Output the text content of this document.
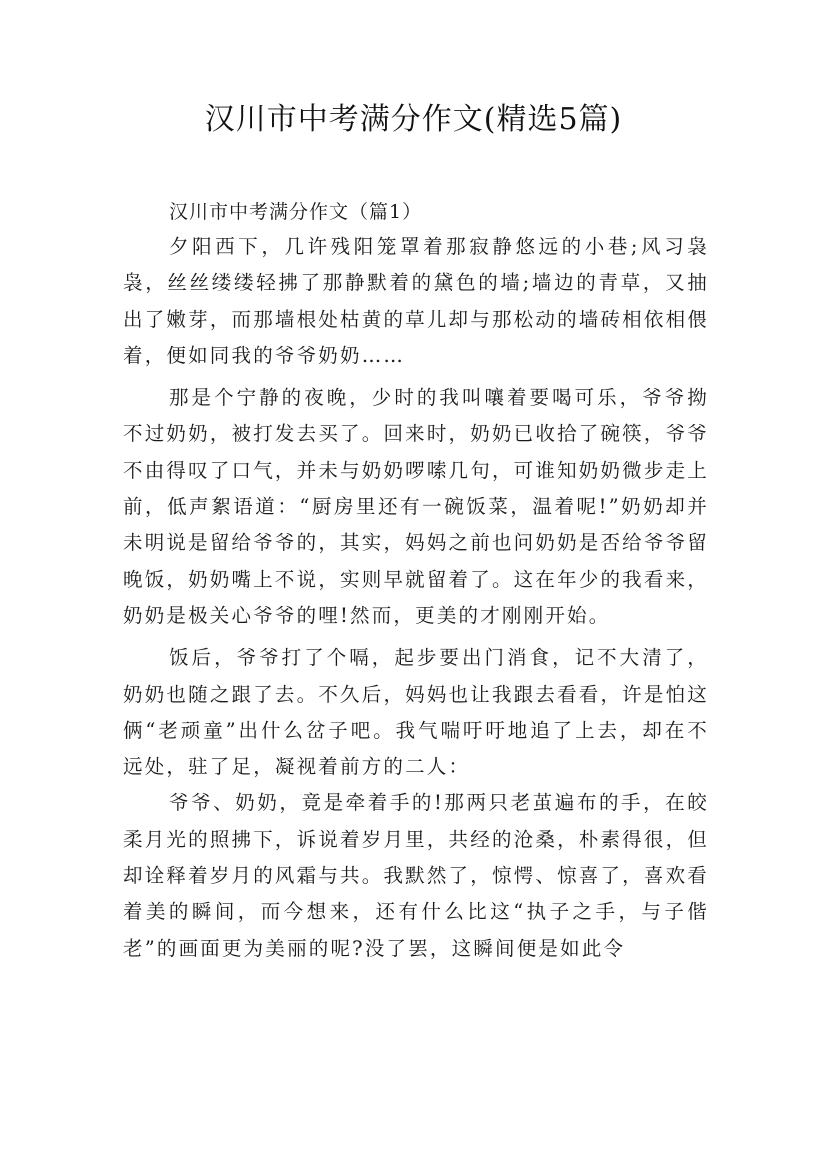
汉川市中考满分作文(精选5篇)

汉川市中考满分作文（篇1）

夕阳西下，几许残阳笼罩着那寂静悠远的小巷;风习袅袅，丝丝缕缕轻拂了那静默着的黛色的墙;墙边的青草，又抽出了嫩芽，而那墙根处枯黄的草儿却与那松动的墙砖相依相偎着，便如同我的爷爷奶奶……

那是个宁静的夜晚，少时的我叫嚷着要喝可乐，爷爷拗不过奶奶，被打发去买了。回来时，奶奶已收拾了碗筷，爷爷不由得叹了口气，并未与奶奶啰嗦几句，可谁知奶奶微步走上前，低声絮语道：“厨房里还有一碗饭菜，温着呢!”奶奶却并未明说是留给爷爷的，其实，妈妈之前也问奶奶是否给爷爷留晚饭，奶奶嘴上不说，实则早就留着了。这在年少的我看来，奶奶是极关心爷爷的哩!然而，更美的才刚刚开始。

饭后，爷爷打了个嗝，起步要出门消食，记不大清了，奶奶也随之跟了去。不久后，妈妈也让我跟去看看，许是怕这俩“老顽童”出什么岔子吧。我气喘吁吁地追了上去，却在不远处，驻了足，凝视着前方的二人：

爷爷、奶奶，竟是牵着手的!那两只老茧遍布的手，在皎柔月光的照拂下，诉说着岁月里，共经的沧桑，朴素得很，但却诠释着岁月的风霜与共。我默然了，惊愕、惊喜了，喜欢看着美的瞬间，而今想来，还有什么比这“执子之手，与子偕老”的画面更为美丽的呢?没了罢，这瞬间便是如此令
